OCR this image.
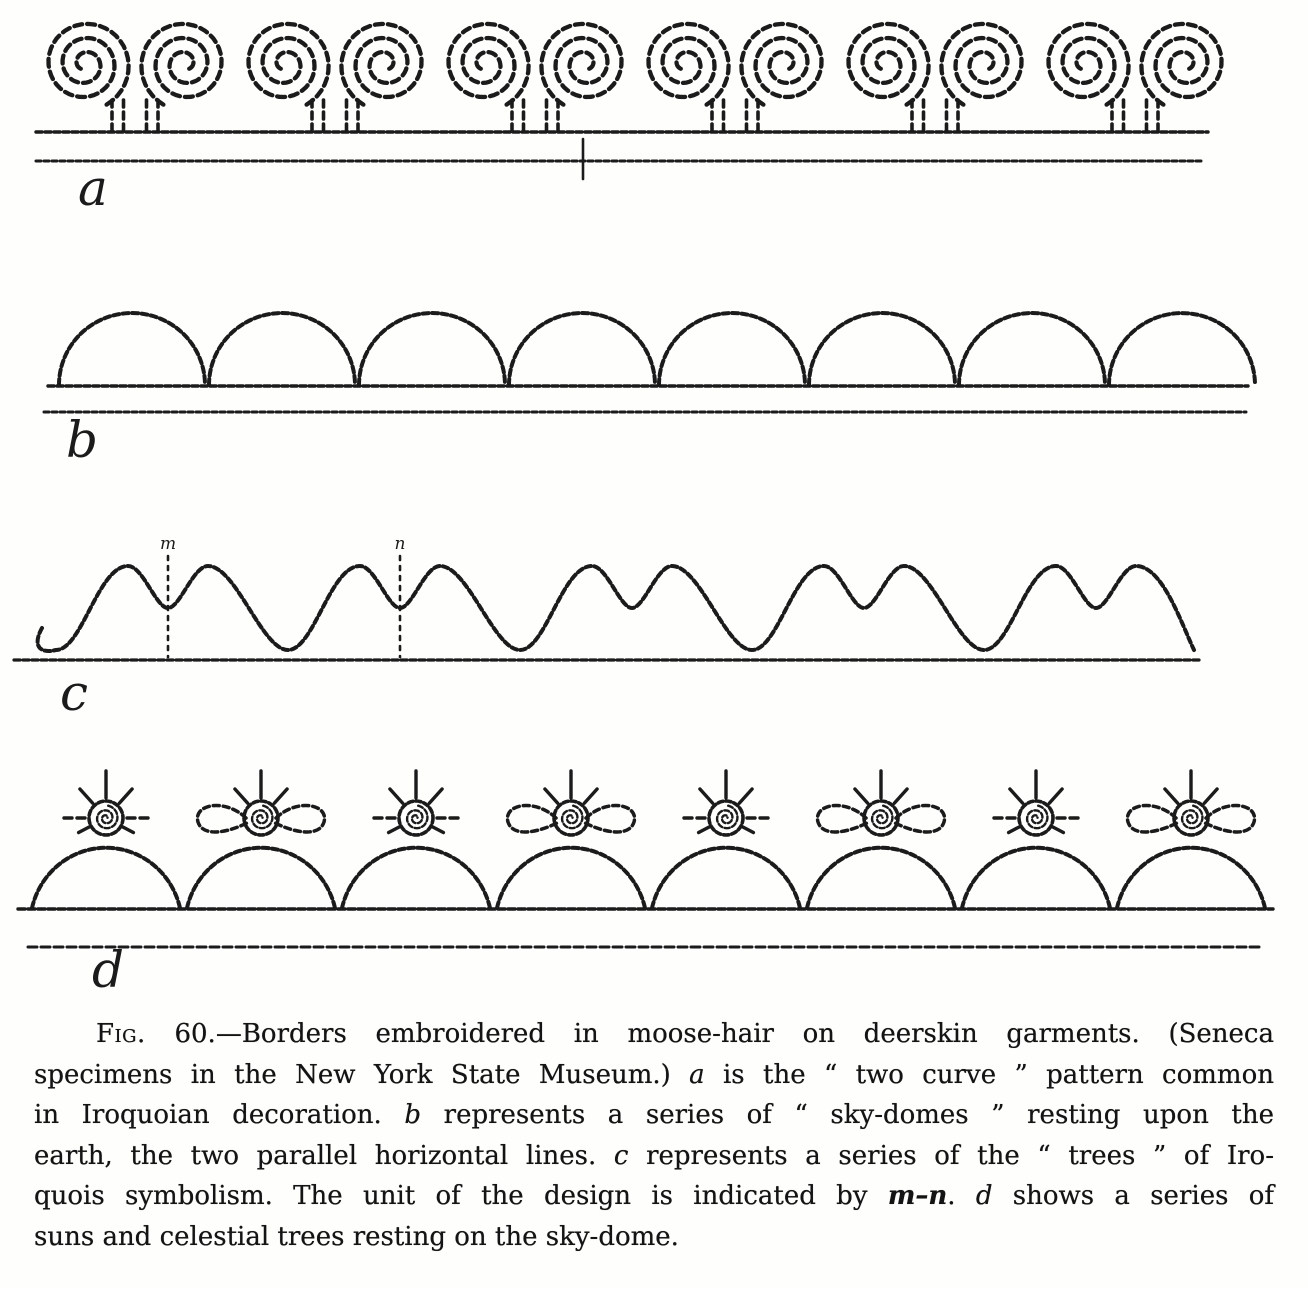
a
b
m	n
c
d
Fig. 60.—Borders embroidered in moose-hair on deerskin garments. (Seneca
specimens in the New York State Museum.) a is the “ two curve ” pattern common
in Iroquoian decoration. b represents a series of “ sky-domes ” resting upon the
earth, the two parallel horizontal lines. c represents a series of the “ trees ” of Iro-
quois symbolism. The unit of the design is indicated by m–n. d shows a series of
suns and celestial trees resting on the sky-dome.
